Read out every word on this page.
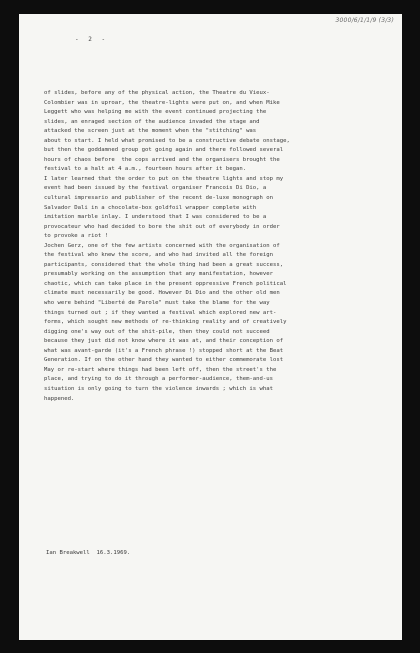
3000/6/1/1/9 (3/3)
- 2 -
of slides, before any of the physical action, the Theatre du Vieux-
Colombier was in uproar, the theatre-lights were put on, and when Mike
Leggett who was helping me with the event continued projecting the
slides, an enraged section of the audience invaded the stage and
attacked the screen just at the moment when the "stitching" was
about to start. I held what promised to be a constructive debate onstage,
but then the goddamned group got going again and there followed several
hours of chaos before  the cops arrived and the organisers brought the
festival to a halt at 4 a.m., fourteen hours after it began.
I later learned that the order to put on the theatre lights and stop my
event had been issued by the festival organiser Francois Di Dio, a
cultural impresario and publisher of the recent de-luxe monograph on
Salvador Dali in a chocolate-box goldfoil wrapper complete with
imitation marble inlay. I understood that I was considered to be a
provocateur who had decided to bore the shit out of everybody in order
to provoke a riot !
Jochen Gerz, one of the few artists concerned with the organisation of
the festival who knew the score, and who had invited all the foreign
participants, considered that the whole thing had been a great success,
presumably working on the assumption that any manifestation, however
chaotic, which can take place in the present oppressive French political
climate must necessarily be good. However Di Dio and the other old men
who were behind "Liberté de Parole" must take the blame for the way
things turned out ; if they wanted a festival which explored new art-
forms, which sought new methods of re-thinking reality and of creatively
digging one's way out of the shit-pile, then they could not succeed
because they just did not know where it was at, and their conception of
what was avant-garde (it's a French phrase !) stopped short at the Beat
Generation. If on the other hand they wanted to either commemorate lost
May or re-start where things had been left off, then the street's the
place, and trying to do it through a performer-audience, them-and-us
situation is only going to turn the violence inwards ; which is what
happened.
Ian Breakwell  16.3.1969.
